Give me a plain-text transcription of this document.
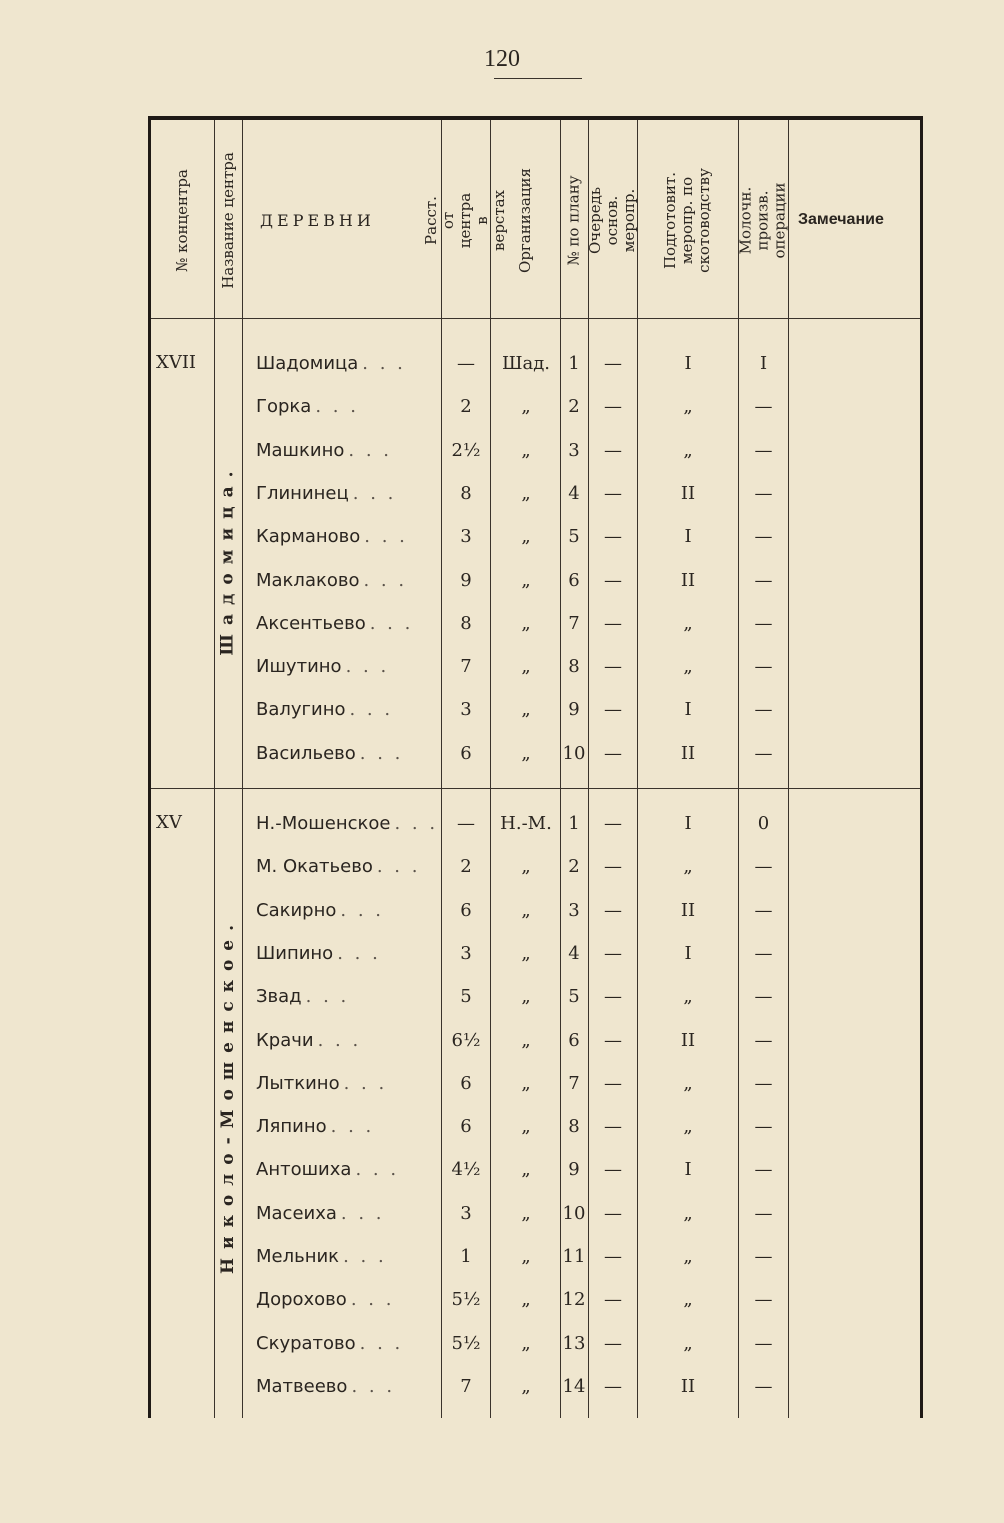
120
№ концентра Название центра ДЕРЕВНИ	Расст. от центра в верстах Организация № по плану Очередь основ. меропр. Подготовит. меропр. по скотоводству Молочн. произв. операции Замечание
XVII
Шадомица.
Шадомица . . .	— Шад. 1 —	I	I
Горка . . .	2	„ 2 —	„	—
Машкино . . .	2½ „ 3 —	„	—
Глининец . . .	8	„ 4 —	II	—
Карманово . . .	3	„ 5 —	I	—
Маклаково . . .	9	„ 6 —	II	—
Аксентьево . . .	8	„ 7 —	„	—
Ишутино . . .	7	„ 8 —	„	—
Валугино . . .	3	„ 9 —	I	—
Васильево . . .	6	„ 10 —	II	—
XV
Николо-Мошенское.
Н.-Мошенское . . . — Н.-М. 1 —	I	0
М. Окатьево . . . 2	„ 2 —	„	—
Сакирно . . .	6	„ 3 —	II	—
Шипино . . .	3	„ 4 —	I	—
Звад . . .	5	„ 5 —	„	—
Крачи . . .	6½ „ 6 —	II	—
Лыткино . . .	6	„ 7 —	„	—
Ляпино . . .	6	„ 8 —	„	—
Антошиха . . .	4½ „ 9 —	I	—
Масеиха . . .	3	„ 10 —	„	—
Мельник . . .	1	„ 11 —	„	—
Дорохово . . .	5½ „ 12 —	„	—
Скуратово . . .	5½ „ 13 —	„	—
Матвеево . . .	7	„ 14 —	II	—
